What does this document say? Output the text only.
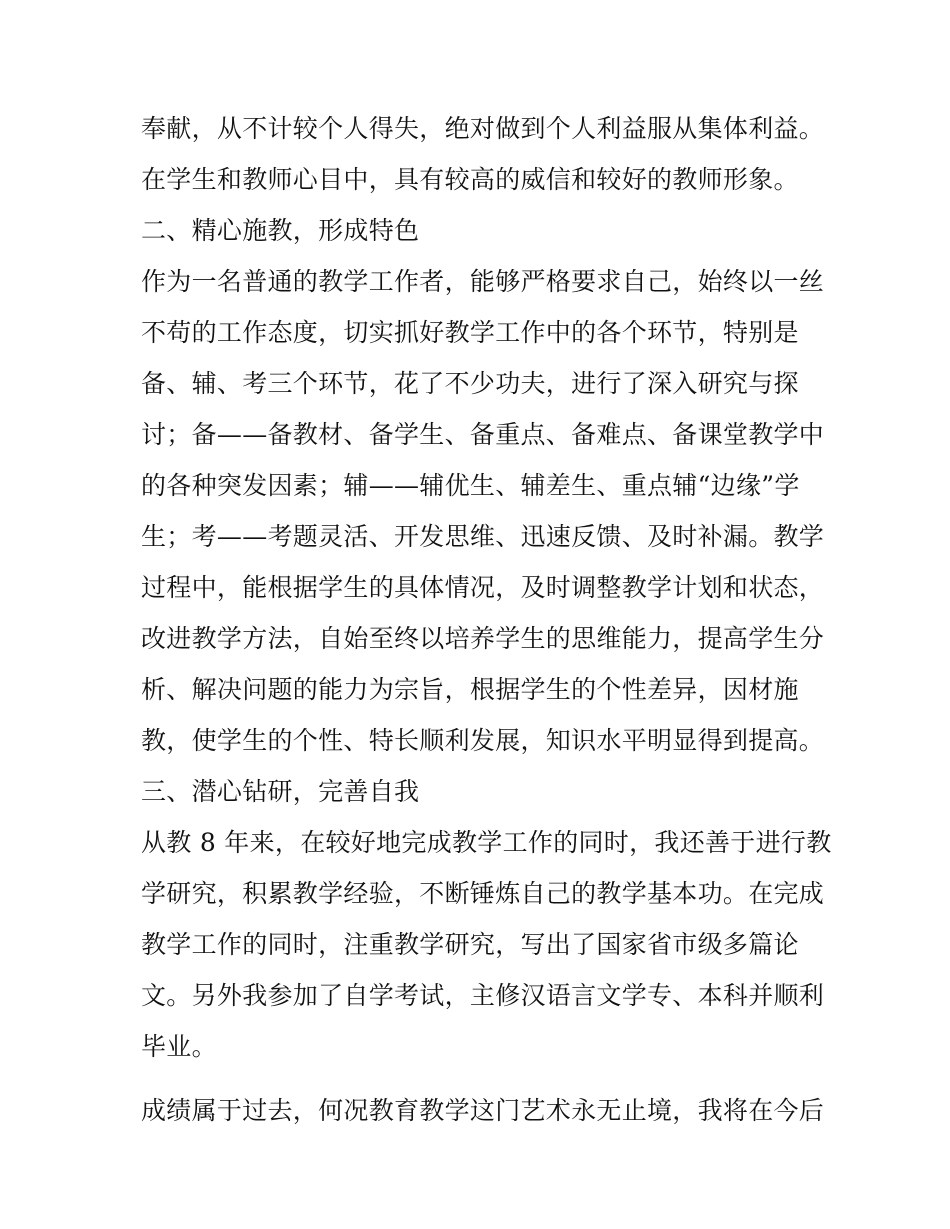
奉献，从不计较个人得失，绝对做到个人利益服从集体利益。
在学生和教师心目中，具有较高的威信和较好的教师形象。
二、精心施教，形成特色
作为一名普通的教学工作者，能够严格要求自己，始终以一丝
不苟的工作态度，切实抓好教学工作中的各个环节，特别是
备、辅、考三个环节，花了不少功夫，进行了深入研究与探
讨；备——备教材、备学生、备重点、备难点、备课堂教学中
的各种突发因素；辅——辅优生、辅差生、重点辅“边缘”学
生；考——考题灵活、开发思维、迅速反馈、及时补漏。教学
过程中，能根据学生的具体情况，及时调整教学计划和状态，
改进教学方法，自始至终以培养学生的思维能力，提高学生分
析、解决问题的能力为宗旨，根据学生的个性差异，因材施
教，使学生的个性、特长顺利发展，知识水平明显得到提高。
三、潜心钻研，完善自我
从教 8 年来，在较好地完成教学工作的同时，我还善于进行教
学研究，积累教学经验，不断锤炼自己的教学基本功。在完成
教学工作的同时，注重教学研究，写出了国家省市级多篇论
文。另外我参加了自学考试，主修汉语言文学专、本科并顺利
毕业。
成绩属于过去，何况教育教学这门艺术永无止境，我将在今后
